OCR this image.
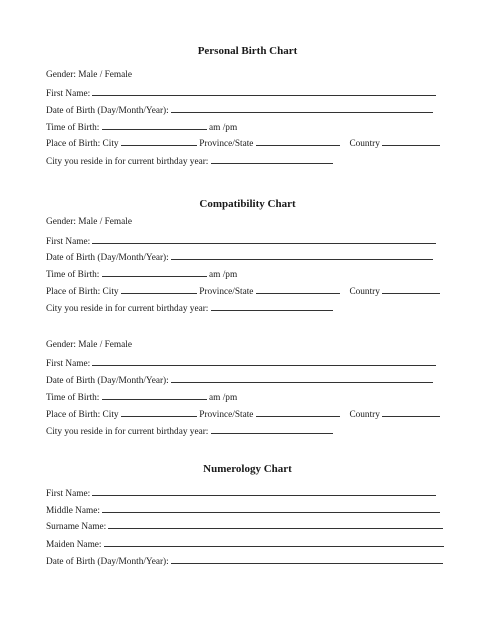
Personal Birth Chart
Gender: Male / Female
First Name:
Date of Birth (Day/Month/Year):
Time of Birth:	am /pm
Place of Birth: City	Province/State	Country
City you reside in for current birthday year:
Compatibility Chart
Gender: Male / Female
First Name:
Date of Birth (Day/Month/Year):
Time of Birth:	am /pm
Place of Birth: City	Province/State	Country
City you reside in for current birthday year:
Gender: Male / Female
First Name:
Date of Birth (Day/Month/Year):
Time of Birth:	am /pm
Place of Birth: City	Province/State	Country
City you reside in for current birthday year:
Numerology Chart
First Name:
Middle Name:
Surname Name:
Maiden Name:
Date of Birth (Day/Month/Year):
